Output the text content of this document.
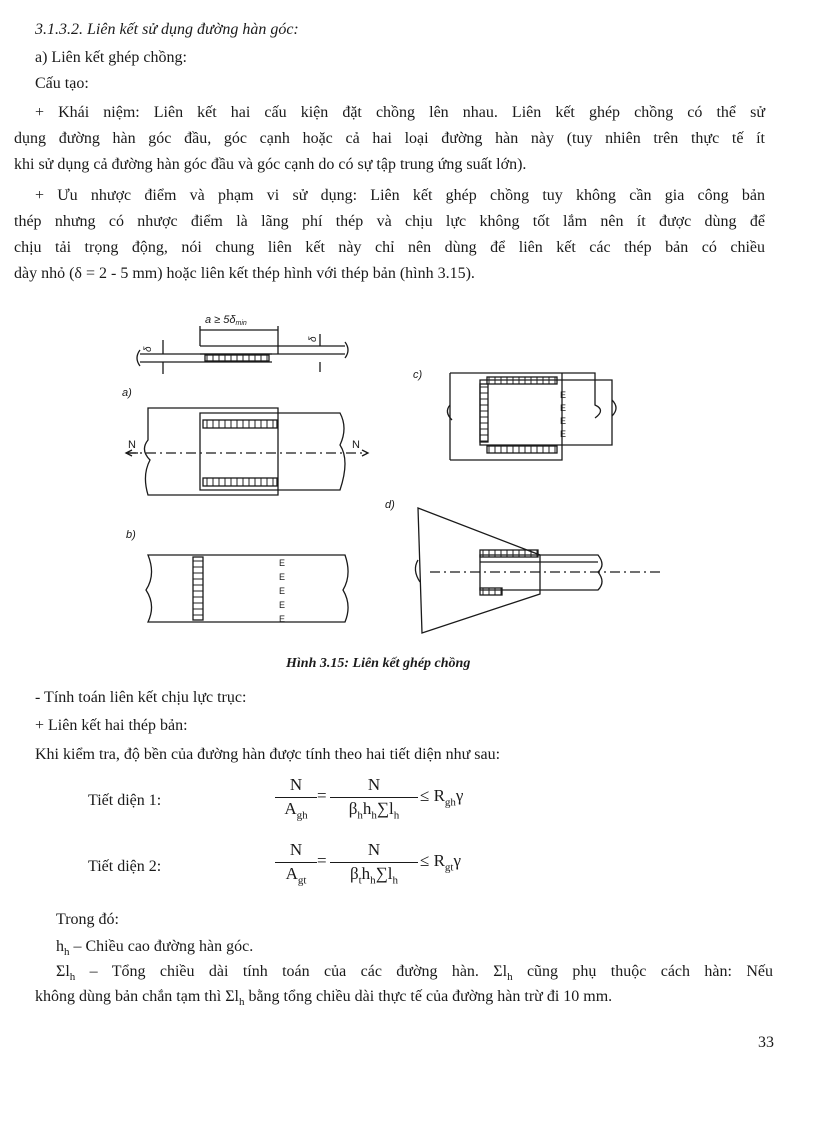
3.1.3.2. Liên kết sử dụng đường hàn góc:
a) Liên kết ghép chồng:
Cấu tạo:
+ Khái niệm: Liên kết hai cấu kiện đặt chồng lên nhau. Liên kết ghép chồng có thể sử
dụng đường hàn góc đầu, góc cạnh hoặc cả hai loại đường hàn này (tuy nhiên trên thực tế ít
khi sử dụng cả đường hàn góc đầu và góc cạnh do có sự tập trung ứng suất lớn).
+ Ưu nhược điểm và phạm vi sử dụng: Liên kết ghép chồng tuy không cần gia công bản
thép nhưng có nhược điểm là lãng phí thép và chịu lực không tốt lắm nên ít được dùng để
chịu tải trọng động, nói chung liên kết này chỉ nên dùng để liên kết các thép bản có chiều
dày nhỏ (δ = 2 - 5 mm) hoặc liên kết thép hình với thép bản (hình 3.15).
a ≥ 5δmin
δ
δ
a)
b)
c)
d)
N	N
E
E
E
E
E
E
E
E
E
Hình 3.15: Liên kết ghép chồng
- Tính toán liên kết chịu lực trục:
+ Liên kết hai thép bản:
Khi kiểm tra, độ bền của đường hàn được tính theo hai tiết diện như sau:
Tiết diện 1:
N
$A_{gh}$
=
N
$\beta_hh_h\sum l_h$
≤ $R_{gh}\gamma$
Tiết diện 2:
N
$A_{gt}$
=
N
$\beta_th_h\sum l_h$
≤ $R_{gt}\gamma$
Trong đó:
$h_h$ – Chiều cao đường hàn góc.
$\Sigma l_h$ – Tổng chiều dài tính toán của các đường hàn. $\Sigma l_h$ cũng phụ thuộc cách hàn: Nếu
không dùng bản chắn tạm thì $\Sigma l_h$ bằng tổng chiều dài thực tế của đường hàn trừ đi 10 mm.
33
